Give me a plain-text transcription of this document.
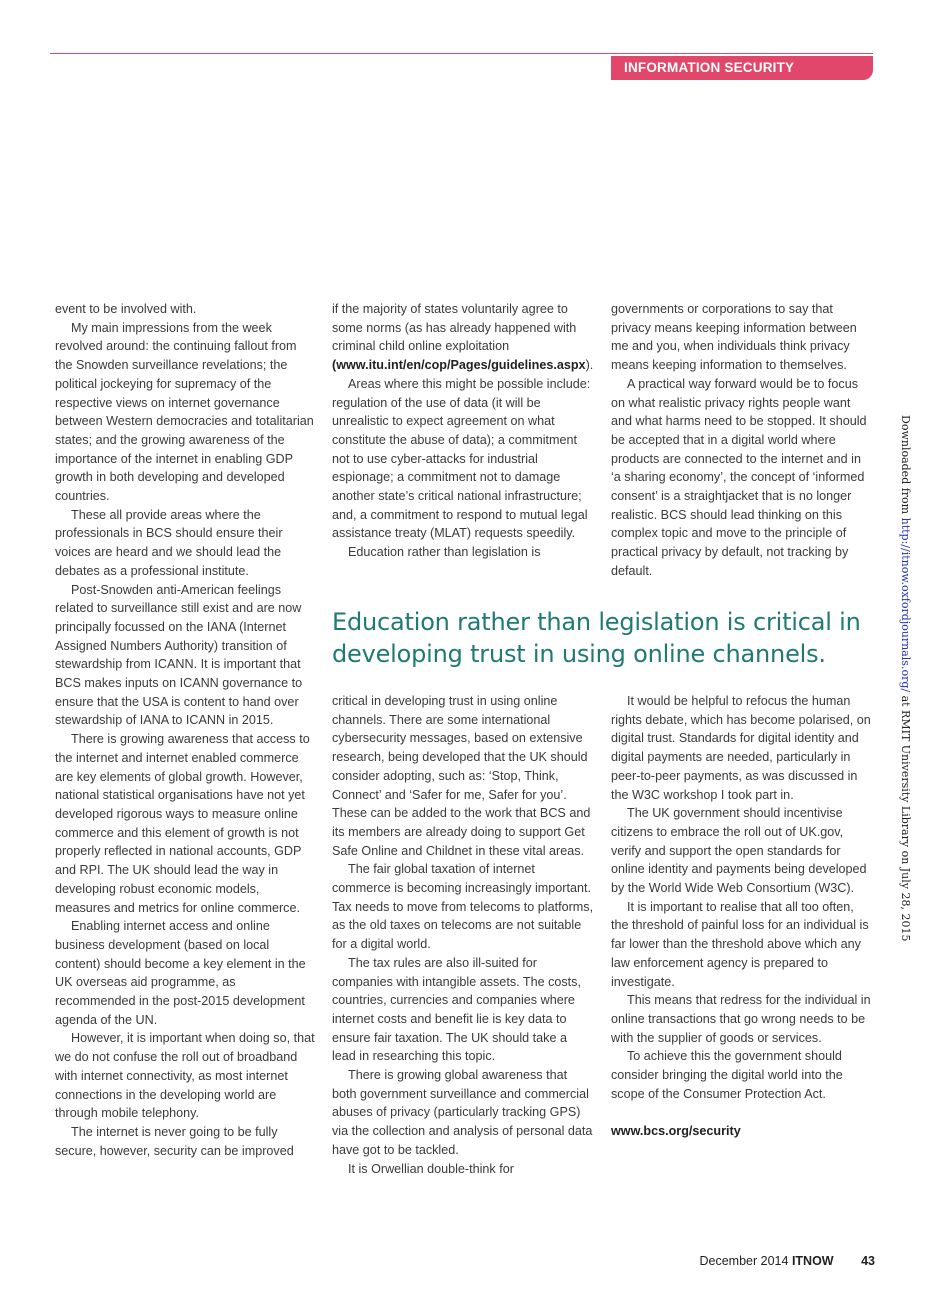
INFORMATION SECURITY

event to be involved with.

My main impressions from the week revolved around: the continuing fallout from the Snowden surveillance revelations; the political jockeying for supremacy of the respective views on internet governance between Western democracies and totalitarian states; and the growing awareness of the importance of the internet in enabling GDP growth in both developing and developed countries.

These all provide areas where the professionals in BCS should ensure their voices are heard and we should lead the debates as a professional institute.

Post-Snowden anti-American feelings related to surveillance still exist and are now principally focussed on the IANA (Internet Assigned Numbers Authority) transition of stewardship from ICANN. It is important that BCS makes inputs on ICANN governance to ensure that the USA is content to hand over stewardship of IANA to ICANN in 2015.

There is growing awareness that access to the internet and internet enabled commerce are key elements of global growth. However, national statistical organisations have not yet developed rigorous ways to measure online commerce and this element of growth is not properly reflected in national accounts, GDP and RPI. The UK should lead the way in developing robust economic models, measures and metrics for online commerce.

Enabling internet access and online business development (based on local content) should become a key element in the UK overseas aid programme, as recommended in the post-2015 development agenda of the UN.

However, it is important when doing so, that we do not confuse the roll out of broadband with internet connectivity, as most internet connections in the developing world are through mobile telephony.

The internet is never going to be fully secure, however, security can be improved

if the majority of states voluntarily agree to some norms (as has already happened with criminal child online exploitation (www.itu.int/en/cop/Pages/guidelines.aspx).

Areas where this might be possible include: regulation of the use of data (it will be unrealistic to expect agreement on what constitute the abuse of data); a commitment not to use cyber-attacks for industrial espionage; a commitment not to damage another state’s critical national infrastructure; and, a commitment to respond to mutual legal assistance treaty (MLAT) requests speedily.

Education rather than legislation is

governments or corporations to say that privacy means keeping information between me and you, when individuals think privacy means keeping information to themselves.

A practical way forward would be to focus on what realistic privacy rights people want and what harms need to be stopped. It should be accepted that in a digital world where products are connected to the internet and in ‘a sharing economy’, the concept of ‘informed consent’ is a straightjacket that is no longer realistic. BCS should lead thinking on this complex topic and move to the principle of practical privacy by default, not tracking by default.

Education rather than legislation is critical in developing trust in using online channels.

critical in developing trust in using online channels. There are some international cybersecurity messages, based on extensive research, being developed that the UK should consider adopting, such as: ‘Stop, Think, Connect’ and ‘Safer for me, Safer for you’. These can be added to the work that BCS and its members are already doing to support Get Safe Online and Childnet in these vital areas.

The fair global taxation of internet commerce is becoming increasingly important. Tax needs to move from telecoms to platforms, as the old taxes on telecoms are not suitable for a digital world.

The tax rules are also ill-suited for companies with intangible assets. The costs, countries, currencies and companies where internet costs and benefit lie is key data to ensure fair taxation. The UK should take a lead in researching this topic.

There is growing global awareness that both government surveillance and commercial abuses of privacy (particularly tracking GPS) via the collection and analysis of personal data have got to be tackled.

It is Orwellian double-think for

It would be helpful to refocus the human rights debate, which has become polarised, on digital trust. Standards for digital identity and digital payments are needed, particularly in peer-to-peer payments, as was discussed in the W3C workshop I took part in.

The UK government should incentivise citizens to embrace the roll out of UK.gov, verify and support the open standards for online identity and payments being developed by the World Wide Web Consortium (W3C).

It is important to realise that all too often, the threshold of painful loss for an individual is far lower than the threshold above which any law enforcement agency is prepared to investigate.

This means that redress for the individual in online transactions that go wrong needs to be with the supplier of goods or services.

To achieve this the government should consider bringing the digital world into the scope of the Consumer Protection Act.

www.bcs.org/security

December 2014 ITNOW 43
Downloaded from http://itnow.oxfordjournals.org/ at RMIT University Library on July 28, 2015
